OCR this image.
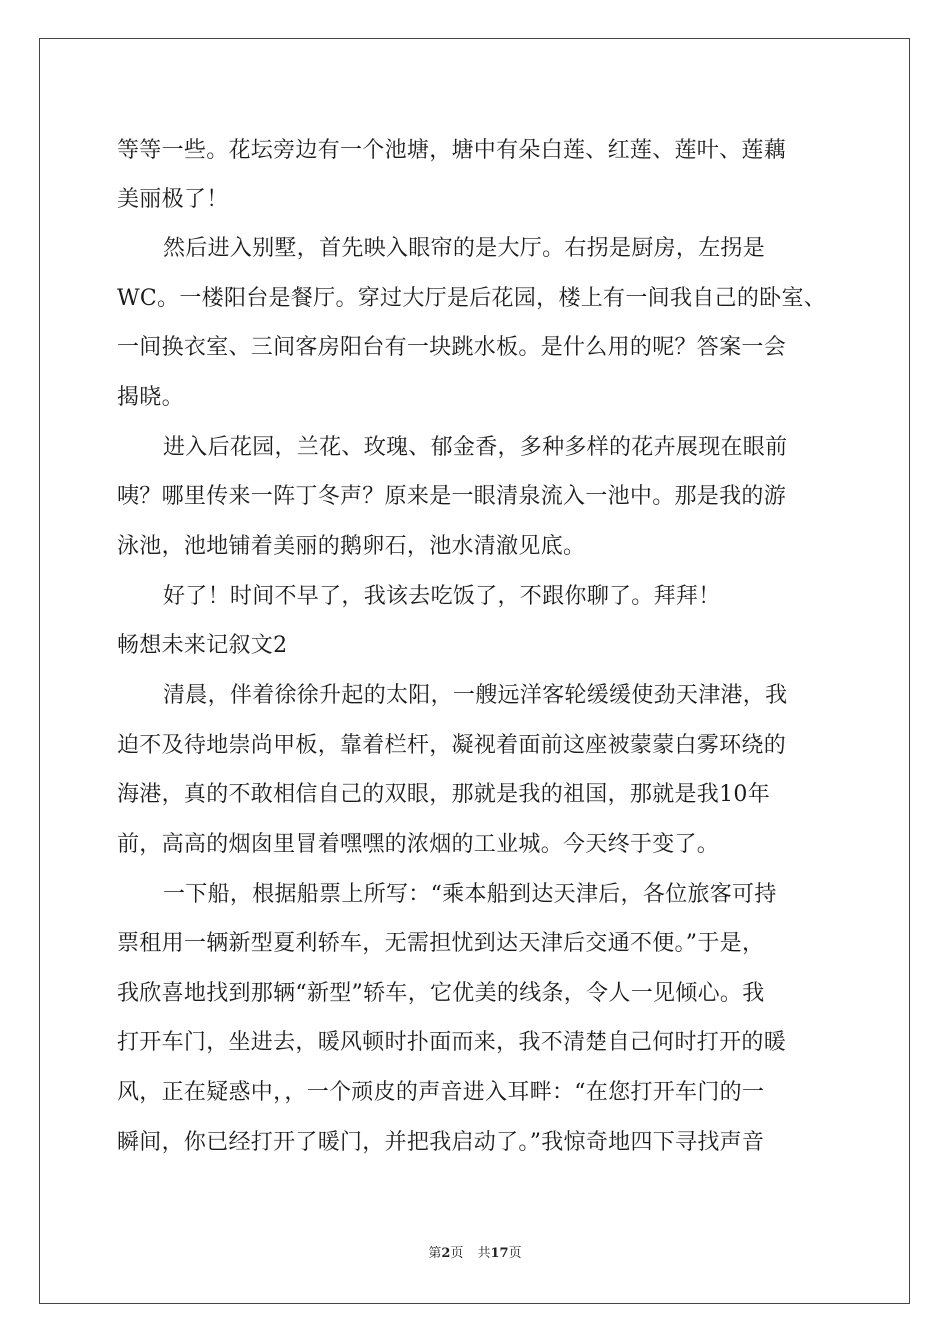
等等一些。花坛旁边有一个池塘，塘中有朵白莲、红莲、莲叶、莲藕
美丽极了！
然后进入别墅，首先映入眼帘的是大厅。右拐是厨房，左拐是
WC。一楼阳台是餐厅。穿过大厅是后花园，楼上有一间我自己的卧室、
一间换衣室、三间客房阳台有一块跳水板。是什么用的呢？答案一会
揭晓。
进入后花园，兰花、玫瑰、郁金香，多种多样的花卉展现在眼前
咦？哪里传来一阵丁冬声？原来是一眼清泉流入一池中。那是我的游
泳池，池地铺着美丽的鹅卵石，池水清澈见底。
好了！时间不早了，我该去吃饭了，不跟你聊了。拜拜！
畅想未来记叙文2
清晨，伴着徐徐升起的太阳，一艘远洋客轮缓缓使劲天津港，我
迫不及待地崇尚甲板，靠着栏杆，凝视着面前这座被蒙蒙白雾环绕的
海港，真的不敢相信自己的双眼，那就是我的祖国，那就是我10年
前，高高的烟囱里冒着嘿嘿的浓烟的工业城。今天终于变了。
一下船，根据船票上所写：“乘本船到达天津后，各位旅客可持
票租用一辆新型夏利轿车，无需担忧到达天津后交通不便。”于是，
我欣喜地找到那辆“新型”轿车，它优美的线条，令人一见倾心。我
打开车门，坐进去，暖风顿时扑面而来，我不清楚自己何时打开的暖
风，正在疑惑中，，一个顽皮的声音进入耳畔：“在您打开车门的一
瞬间，你已经打开了暖门，并把我启动了。”我惊奇地四下寻找声音
第2页 共17页
